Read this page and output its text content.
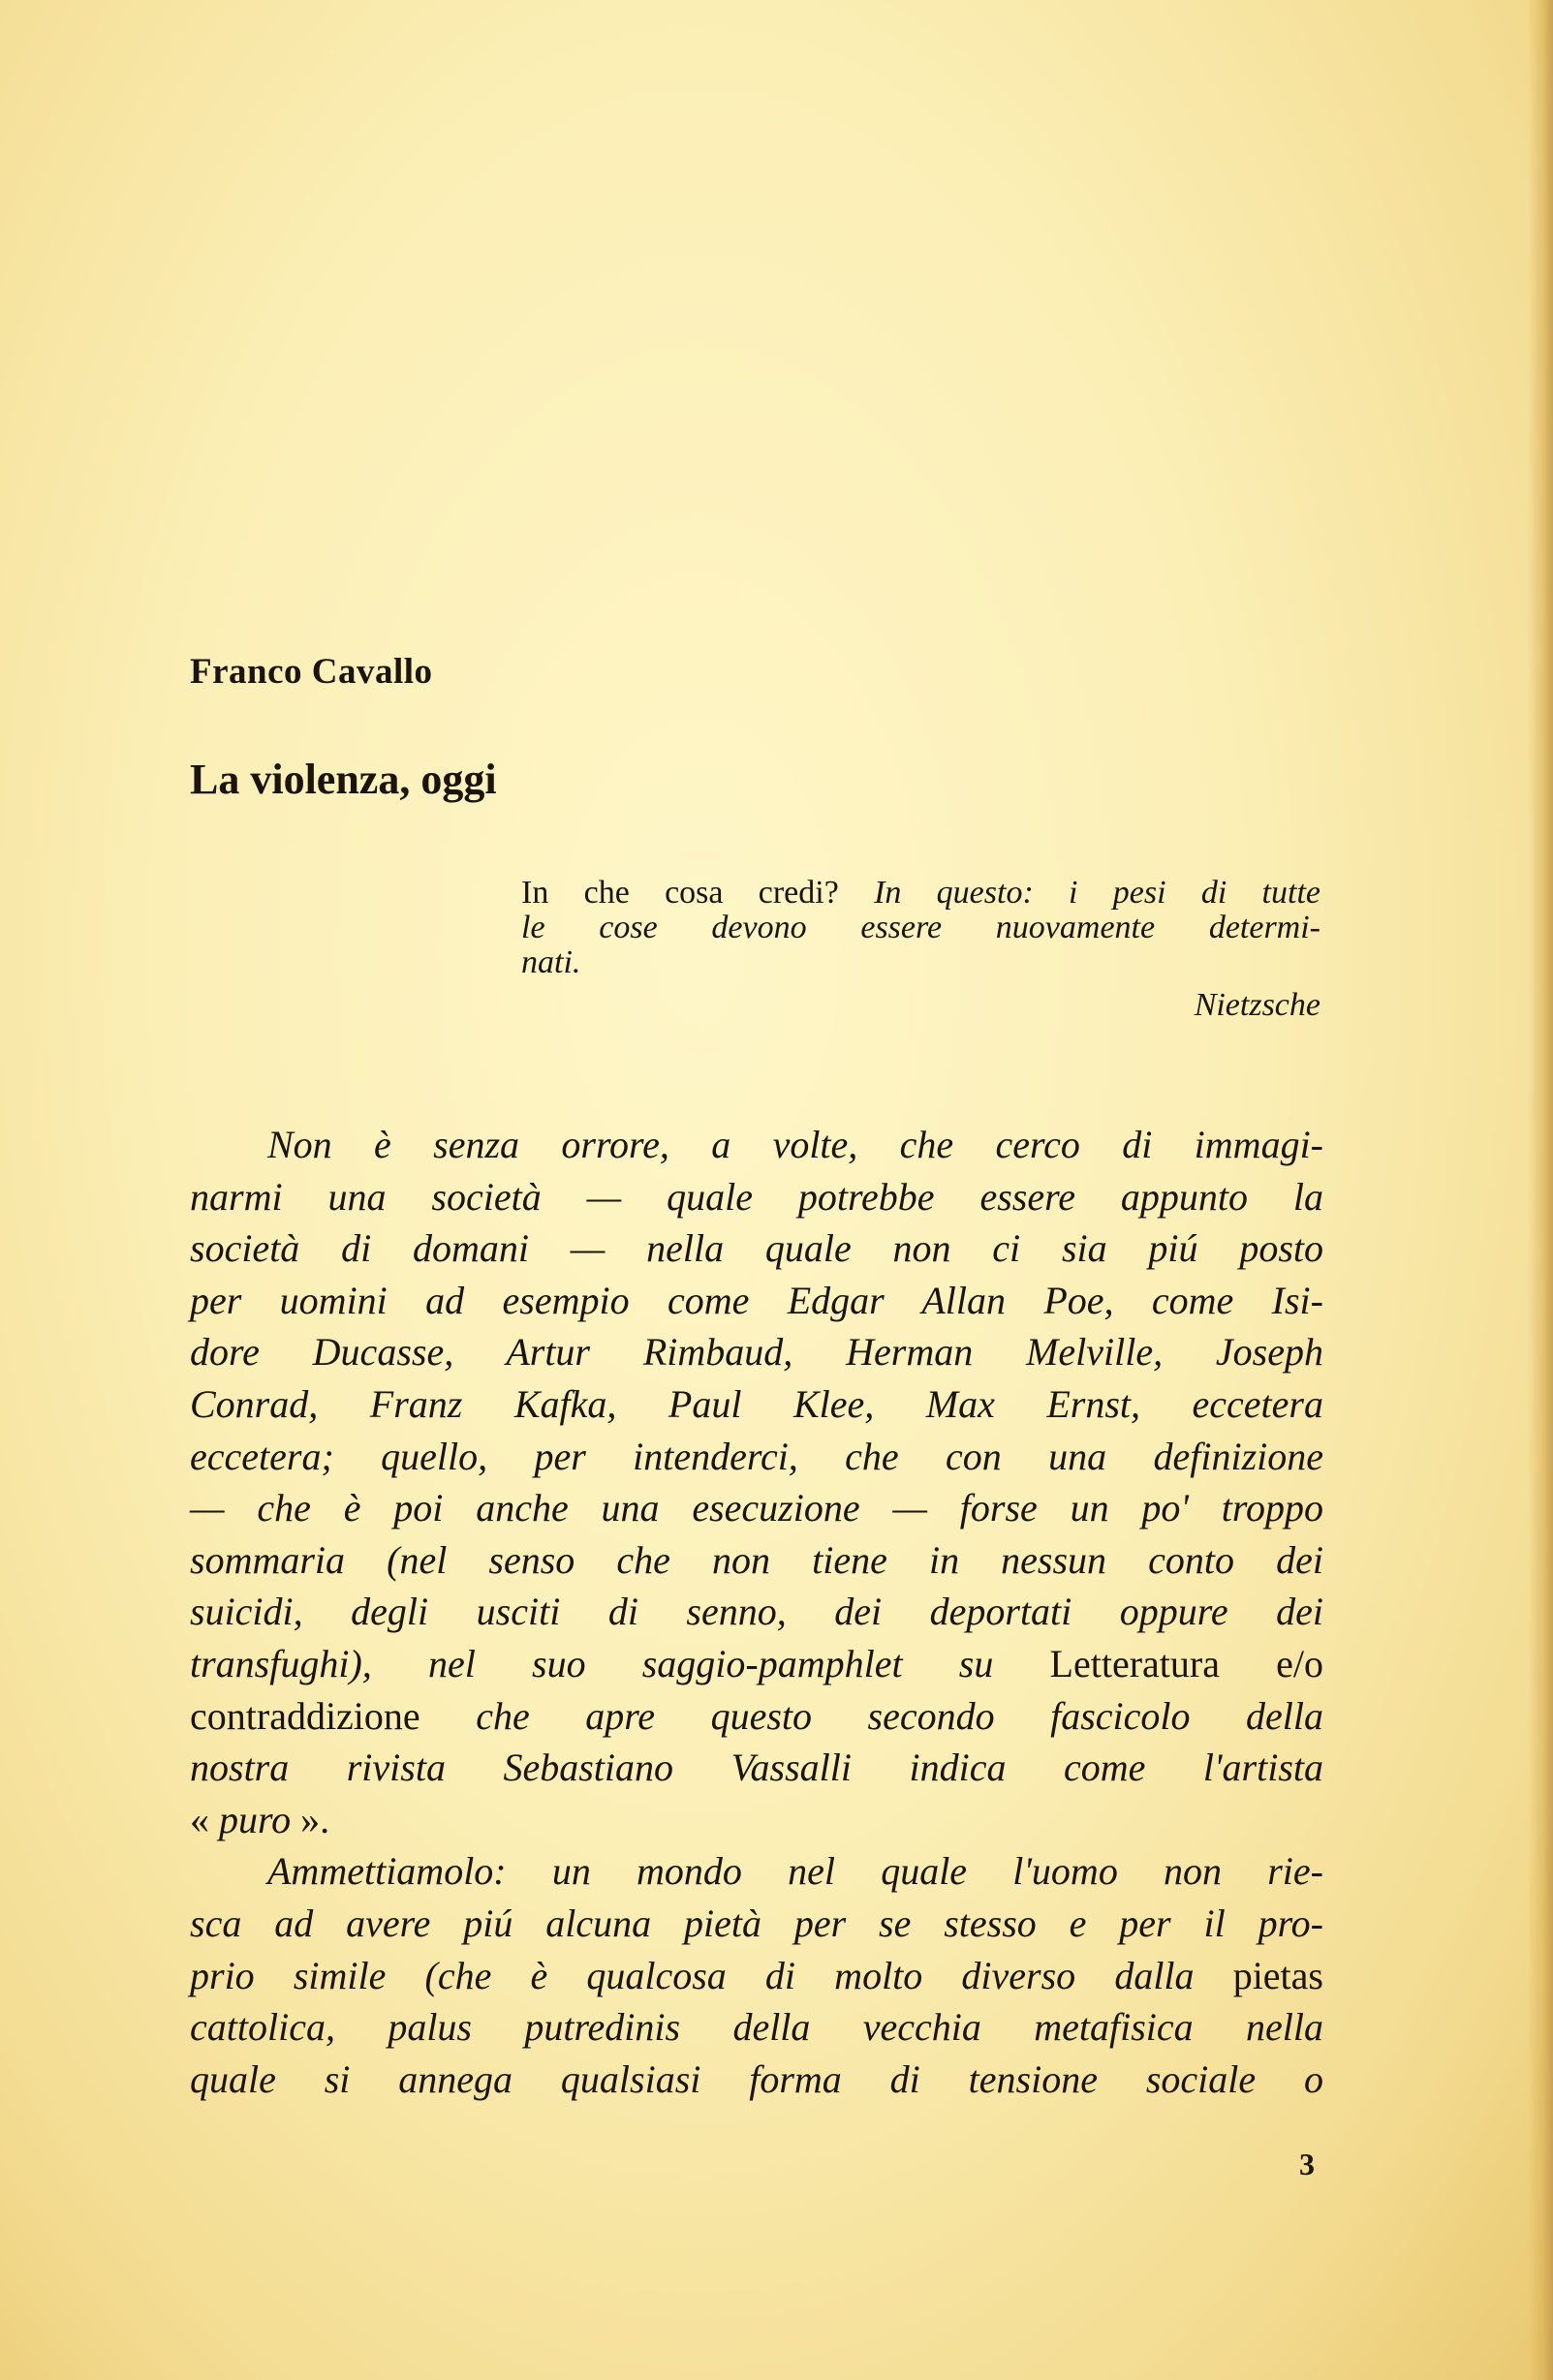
Franco Cavallo

La violenza, oggi
In che cosa credi? In questo: i pesi di tutte
le cose devono essere nuovamente determi-
nati.
Nietzsche
Non è senza orrore, a volte, che cerco di immagi-
narmi una società — quale potrebbe essere appunto la
società di domani — nella quale non ci sia piú posto
per uomini ad esempio come Edgar Allan Poe, come Isi-
dore Ducasse, Artur Rimbaud, Herman Melville, Joseph
Conrad, Franz Kafka, Paul Klee, Max Ernst, eccetera
eccetera; quello, per intenderci, che con una definizione
— che è poi anche una esecuzione — forse un po' troppo
sommaria (nel senso che non tiene in nessun conto dei
suicidi, degli usciti di senno, dei deportati oppure dei
transfughi), nel suo saggio-pamphlet su Letteratura e/o
contraddizione che apre questo secondo fascicolo della
nostra rivista Sebastiano Vassalli indica come l'artista
« puro ».
Ammettiamolo: un mondo nel quale l'uomo non rie-
sca ad avere piú alcuna pietà per se stesso e per il pro-
prio simile (che è qualcosa di molto diverso dalla pietas
cattolica, palus putredinis della vecchia metafisica nella
quale si annega qualsiasi forma di tensione sociale o

3
